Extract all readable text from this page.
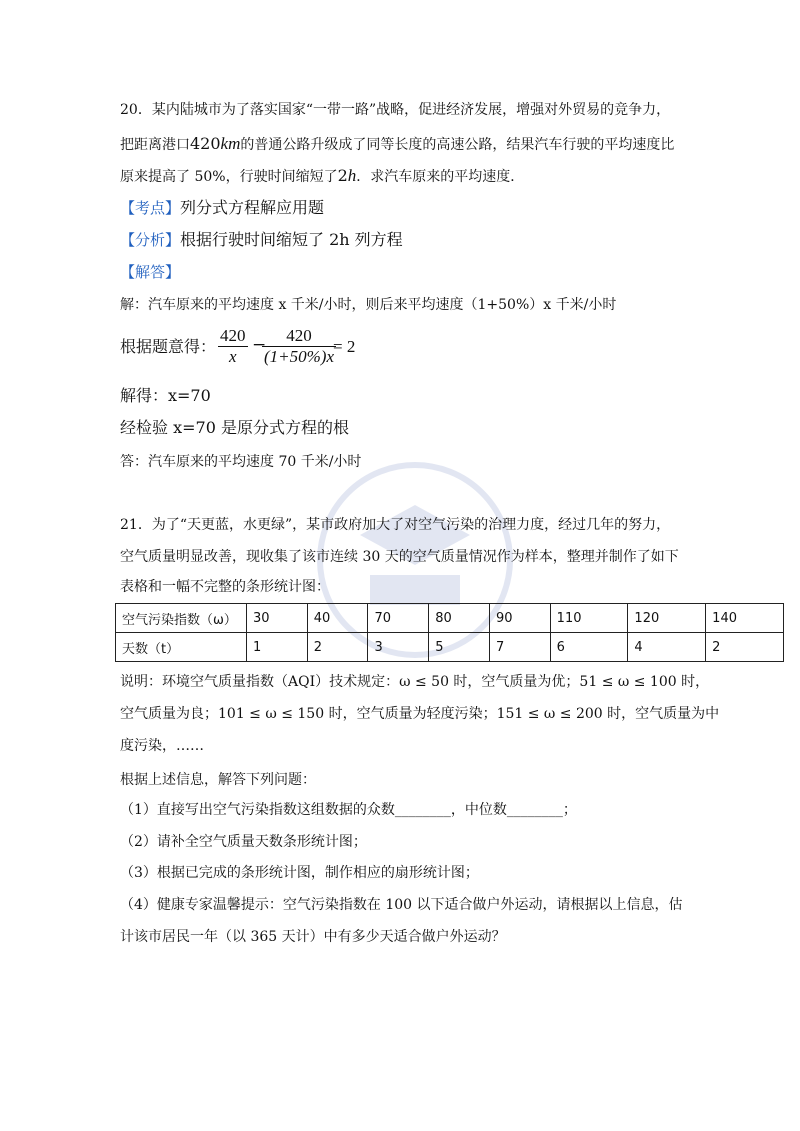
20．某内陆城市为了落实国家“一带一路”战略，促进经济发展，增强对外贸易的竞争力，
把距离港口420km的普通公路升级成了同等长度的高速公路，结果汽车行驶的平均速度比
原来提高了 50%，行驶时间缩短了2h．求汽车原来的平均速度．
【考点】列分式方程解应用题
【分析】根据行驶时间缩短了 2h 列方程
【解答】
解：汽车原来的平均速度 x 千米/小时，则后来平均速度（1+50%）x 千米/小时
根据题意得：
420
x
−	420
(1+50%)x
= 2
解得：x=70
经检验 x=70 是原分式方程的根
答：汽车原来的平均速度 70 千米/小时
21．为了“天更蓝，水更绿”，某市政府加大了对空气污染的治理力度，经过几年的努力，
空气质量明显改善，现收集了该市连续 30 天的空气质量情况作为样本，整理并制作了如下
表格和一幅不完整的条形统计图：
空气污染指数（ω）	30	40	70	80	90	110	120	140
天数（t）	1	2	3	5	7	6	4	2
说明：环境空气质量指数（AQI）技术规定：ω ≤ 50 时，空气质量为优；51 ≤ ω ≤ 100 时，
空气质量为良；101 ≤ ω ≤ 150 时，空气质量为轻度污染；151 ≤ ω ≤ 200 时，空气质量为中
度污染，……
根据上述信息，解答下列问题：
（1）直接写出空气污染指数这组数据的众数________，中位数________；
（2）请补全空气质量天数条形统计图；
（3）根据已完成的条形统计图，制作相应的扇形统计图；
（4）健康专家温馨提示：空气污染指数在 100 以下适合做户外运动，请根据以上信息，估
计该市居民一年（以 365 天计）中有多少天适合做户外运动？
